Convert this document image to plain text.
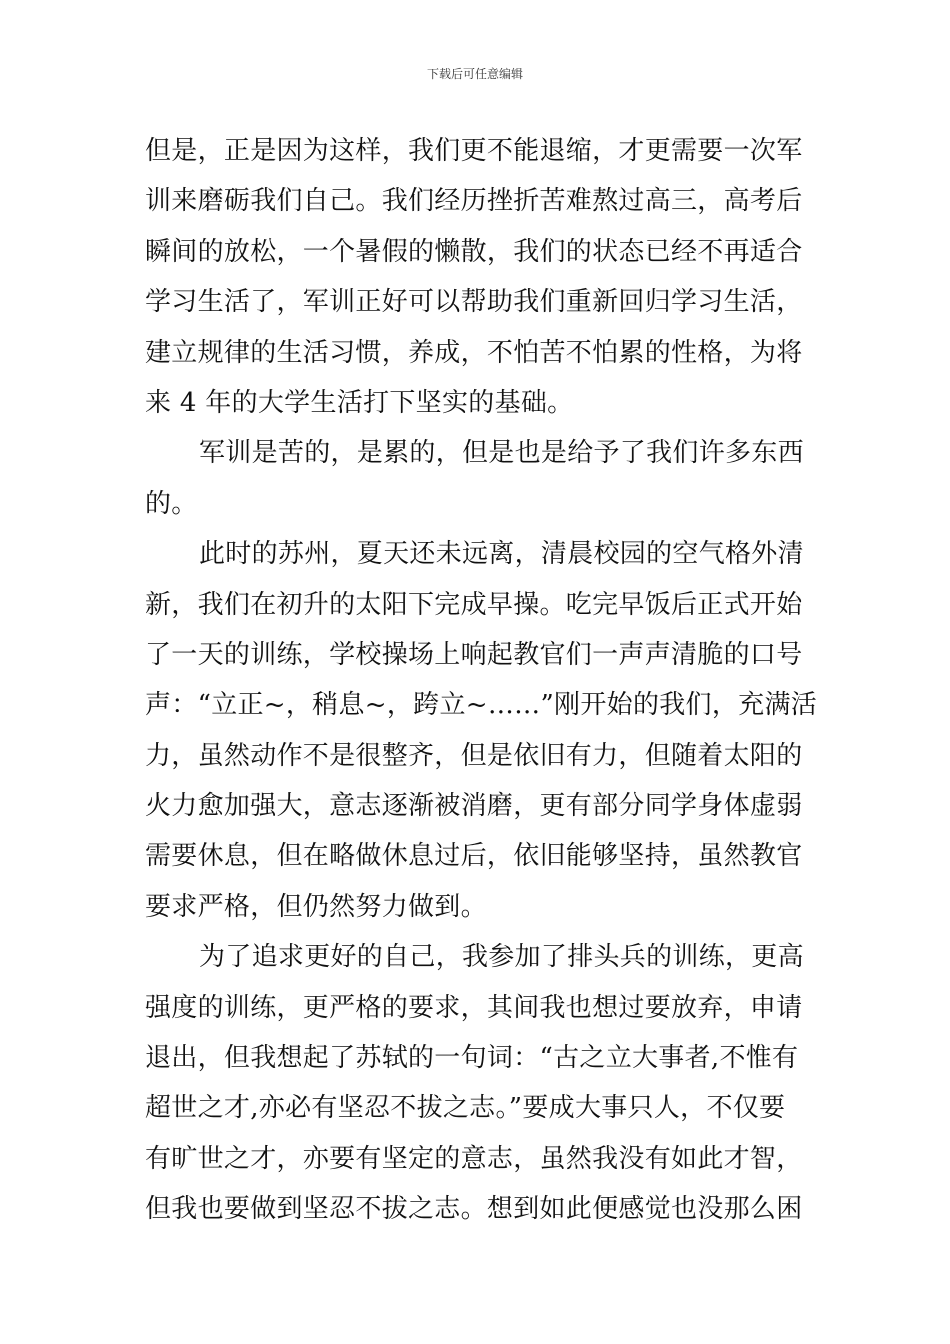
下载后可任意编辑
但是，正是因为这样，我们更不能退缩，才更需要一次军
训来磨砺我们自己。我们经历挫折苦难熬过高三，高考后
瞬间的放松，一个暑假的懒散，我们的状态已经不再适合
学习生活了，军训正好可以帮助我们重新回归学习生活，
建立规律的生活习惯，养成，不怕苦不怕累的性格，为将
来 4 年的大学生活打下坚实的基础。
军训是苦的，是累的，但是也是给予了我们许多东西
的。
此时的苏州，夏天还未远离，清晨校园的空气格外清
新，我们在初升的太阳下完成早操。吃完早饭后正式开始
了一天的训练，学校操场上响起教官们一声声清脆的口号
声：“立正~，稍息~，跨立~……”刚开始的我们，充满活
力，虽然动作不是很整齐，但是依旧有力，但随着太阳的
火力愈加强大，意志逐渐被消磨，更有部分同学身体虚弱
需要休息，但在略做休息过后，依旧能够坚持，虽然教官
要求严格，但仍然努力做到。
为了追求更好的自己，我参加了排头兵的训练，更高
强度的训练，更严格的要求，其间我也想过要放弃，申请
退出，但我想起了苏轼的一句词：“古之立大事者,不惟有
超世之才,亦必有坚忍不拔之志。”要成大事只人，不仅要
有旷世之才，亦要有坚定的意志，虽然我没有如此才智，
但我也要做到坚忍不拔之志。想到如此便感觉也没那么困
